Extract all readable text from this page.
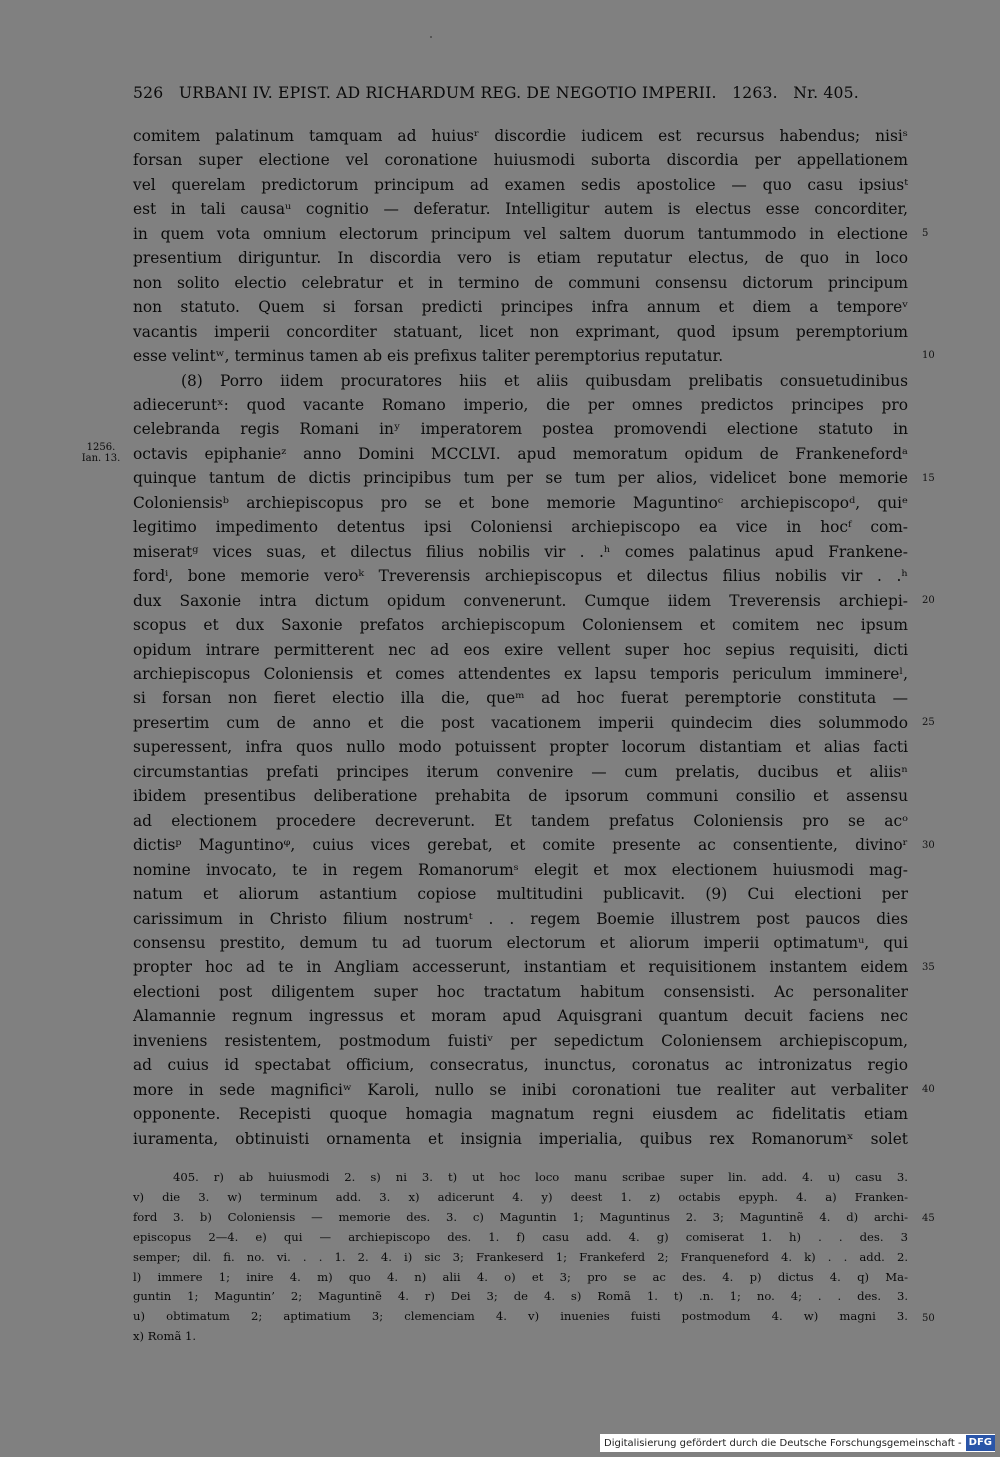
526 URBANI IV. EPIST. AD RICHARDUM REG. DE NEGOTIO IMPERII. 1263. Nr. 405.
1256.
Ian. 13.
comitem palatinum tamquam ad huiusʳ discordie iudicem est recursus habendus; nisiˢ
forsan super electione vel coronatione huiusmodi suborta discordia per appellationem
vel querelam predictorum principum ad examen sedis apostolice — quo casu ipsiusᵗ
est in tali causaᵘ cognitio — deferatur. Intelligitur autem is electus esse concorditer,
in quem vota omnium electorum principum vel saltem duorum tantummodo in electione
presentium diriguntur. In discordia vero is etiam reputatur electus, de quo in loco
non solito electio celebratur et in termino de communi consensu dictorum principum
non statuto. Quem si forsan predicti principes infra annum et diem a temporeᵛ
vacantis imperii concorditer statuant, licet non exprimant, quod ipsum peremptorium
esse velintʷ, terminus tamen ab eis prefixus taliter peremptorius reputatur.
(8) Porro iidem procuratores hiis et aliis quibusdam prelibatis consuetudinibus
adieceruntˣ: quod vacante Romano imperio, die per omnes predictos principes pro
celebranda regis Romani inʸ imperatorem postea promovendi electione statuto in
octavis epiphanieᶻ anno Domini MCCLVI. apud memoratum opidum de Frankenefordᵃ
quinque tantum de dictis principibus tum per se tum per alios, videlicet bone memorie
Coloniensisᵇ archiepiscopus pro se et bone memorie Maguntinoᶜ archiepiscopoᵈ, quiᵉ
legitimo impedimento detentus ipsi Coloniensi archiepiscopo ea vice in hocᶠ com-
miseratᵍ vices suas, et dilectus filius nobilis vir . .ʰ comes palatinus apud Frankene-
fordⁱ, bone memorie veroᵏ Treverensis archiepiscopus et dilectus filius nobilis vir . .ʰ
dux Saxonie intra dictum opidum convenerunt. Cumque iidem Treverensis archiepi-
scopus et dux Saxonie prefatos archiepiscopum Coloniensem et comitem nec ipsum
opidum intrare permitterent nec ad eos exire vellent super hoc sepius requisiti, dicti
archiepiscopus Coloniensis et comes attendentes ex lapsu temporis periculum imminereˡ,
si forsan non fieret electio illa die, queᵐ ad hoc fuerat peremptorie constituta —
presertim cum de anno et die post vacationem imperii quindecim dies solummodo
superessent, infra quos nullo modo potuissent propter locorum distantiam et alias facti
circumstantias prefati principes iterum convenire — cum prelatis, ducibus et aliisⁿ
ibidem presentibus deliberatione prehabita de ipsorum communi consilio et assensu
ad electionem procedere decreverunt. Et tandem prefatus Coloniensis pro se acᵒ
dictisᵖ Maguntinoᵠ, cuius vices gerebat, et comite presente ac consentiente, divinoʳ
nomine invocato, te in regem Romanorumˢ elegit et mox electionem huiusmodi mag-
natum et aliorum astantium copiose multitudini publicavit. (9) Cui electioni per
carissimum in Christo filium nostrumᵗ . . regem Boemie illustrem post paucos dies
consensu prestito, demum tu ad tuorum electorum et aliorum imperii optimatumᵘ, qui
propter hoc ad te in Angliam accesserunt, instantiam et requisitionem instantem eidem
electioni post diligentem super hoc tractatum habitum consensisti. Ac personaliter
Alamannie regnum ingressus et moram apud Aquisgrani quantum decuit faciens nec
inveniens resistentem, postmodum fuistiᵛ per sepedictum Coloniensem archiepiscopum,
ad cuius id spectabat officium, consecratus, inunctus, coronatus ac intronizatus regio
more in sede magnificiʷ Karoli, nullo se inibi coronationi tue realiter aut verbaliter
opponente. Recepisti quoque homagia magnatum regni eiusdem ac fidelitatis etiam
iuramenta, obtinuisti ornamenta et insignia imperialia, quibus rex Romanorumˣ solet
5
10
15
20
25
30
35
40
405. r) ab huiusmodi 2. s) ni 3. t) ut hoc loco manu scribae super lin. add. 4. u) casu 3.
v) die 3. w) terminum add. 3. x) adicerunt 4. y) deest 1. z) octabis epyph. 4. a) Franken-
ford 3. b) Coloniensis — memorie des. 3. c) Maguntin 1; Maguntinus 2. 3; Maguntinẽ 4. d) archi-
episcopus 2—4. e) qui — archiepiscopo des. 1. f) casu add. 4. g) comiserat 1. h) . . des. 3
semper; dil. fi. no. vi. . . 1. 2. 4. i) sic 3; Frankeserd 1; Frankeferd 2; Franqueneford 4. k) . . add. 2.
l) immere 1; inire 4. m) quo 4. n) alii 4. o) et 3; pro se ac des. 4. p) dictus 4. q) Ma-
guntin 1; Maguntin’ 2; Maguntinẽ 4. r) Dei 3; de 4. s) Romã 1. t) .n. 1; no. 4; . . des. 3.
u) obtimatum 2; aptimatium 3; clemenciam 4. v) inuenies fuisti postmodum 4. w) magni 3.
x) Romã 1.
45
50
Digitalisierung gefördert durch die Deutsche Forschungsgemeinschaft - DFG
